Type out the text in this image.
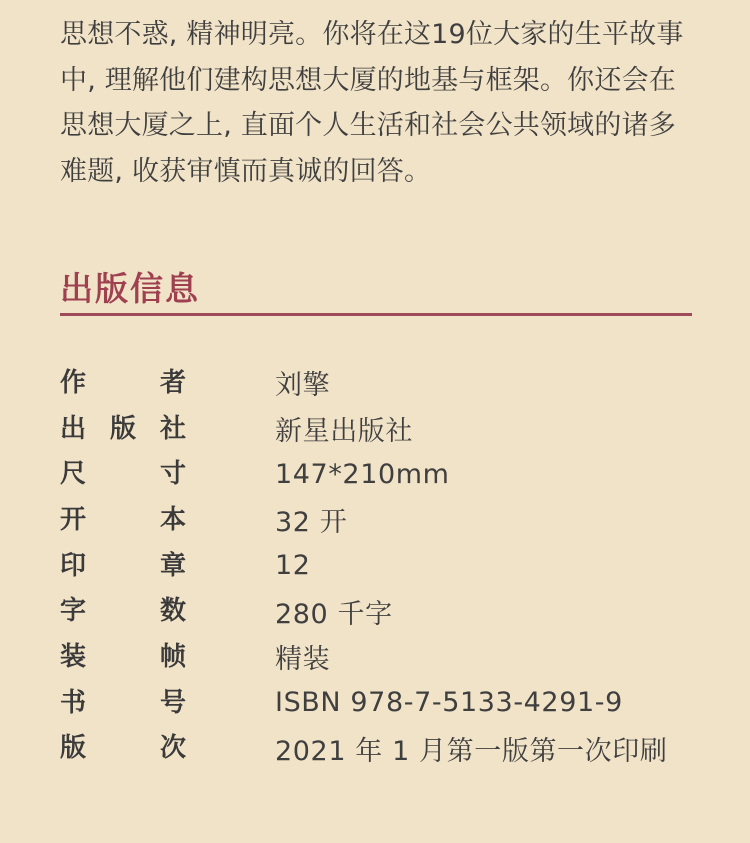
思想不惑, 精神明亮。你将在这19位大家的生平故事
中, 理解他们建构思想大厦的地基与框架。你还会在
思想大厦之上, 直面个人生活和社会公共领域的诸多
难题, 收获审慎而真诚的回答。
出版信息
作	者	刘擎
出 版 社	新星出版社
尺	寸	147*210mm
开	本	32 开
印	章	12
字	数	280 千字
装	帧	精装
书	号	ISBN 978-7-5133-4291-9
版	次	2021 年 1 月第一版第一次印刷
